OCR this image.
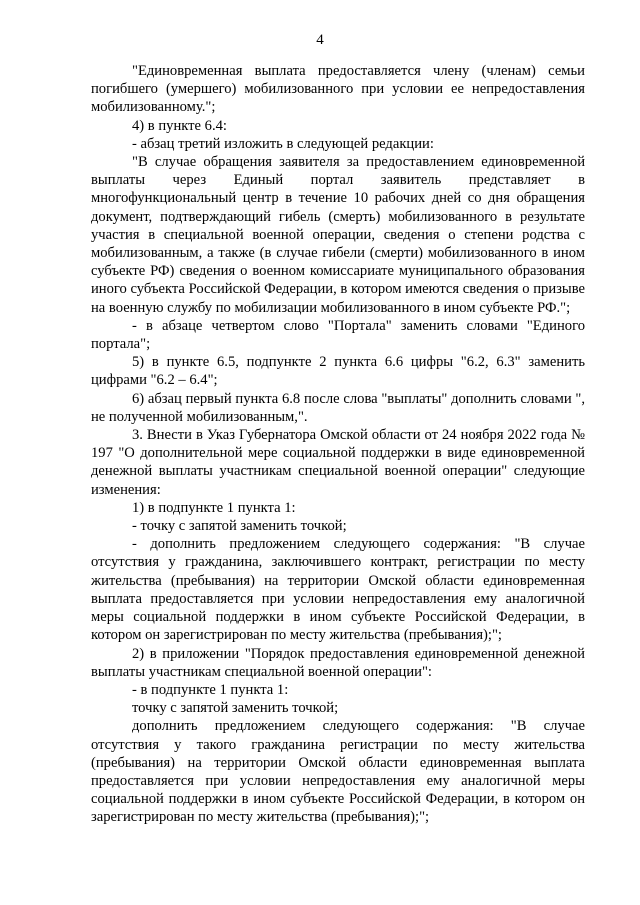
4

"Единовременная выплата предоставляется члену (членам) семьи погибшего (умершего) мобилизованного при условии ее непредоставления мобилизованному.";

4) в пункте 6.4:

- абзац третий изложить в следующей редакции:

"В случае обращения заявителя за предоставлением единовременной выплаты через Единый портал заявитель представляет в многофункциональный центр в течение 10 рабочих дней со дня обращения документ, подтверждающий гибель (смерть) мобилизованного в результате участия в специальной военной операции, сведения о степени родства с мобилизованным, а также (в случае гибели (смерти) мобилизованного в ином субъекте РФ) сведения о военном комиссариате муниципального образования иного субъекта Российской Федерации, в котором имеются сведения о призыве на военную службу по мобилизации мобилизованного в ином субъекте РФ.";

- в абзаце четвертом слово "Портала" заменить словами "Единого портала";

5) в пункте 6.5, подпункте 2 пункта 6.6 цифры "6.2, 6.3" заменить цифрами "6.2 – 6.4";

6) абзац первый пункта 6.8 после слова "выплаты" дополнить словами ", не полученной мобилизованным,".

3. Внести в Указ Губернатора Омской области от 24 ноября 2022 года № 197 "О дополнительной мере социальной поддержки в виде единовременной денежной выплаты участникам специальной военной операции" следующие изменения:

1) в подпункте 1 пункта 1:

- точку с запятой заменить точкой;

- дополнить предложением следующего содержания: "В случае отсутствия у гражданина, заключившего контракт, регистрации по месту жительства (пребывания) на территории Омской области единовременная выплата предоставляется при условии непредоставления ему аналогичной меры социальной поддержки в ином субъекте Российской Федерации, в котором он зарегистрирован по месту жительства (пребывания);";

2) в приложении "Порядок предоставления единовременной денежной выплаты участникам специальной военной операции":

- в подпункте 1 пункта 1:

точку с запятой заменить точкой;

дополнить предложением следующего содержания: "В случае отсутствия у такого гражданина регистрации по месту жительства (пребывания) на территории Омской области единовременная выплата предоставляется при условии непредоставления ему аналогичной меры социальной поддержки в ином субъекте Российской Федерации, в котором он зарегистрирован по месту жительства (пребывания);";
